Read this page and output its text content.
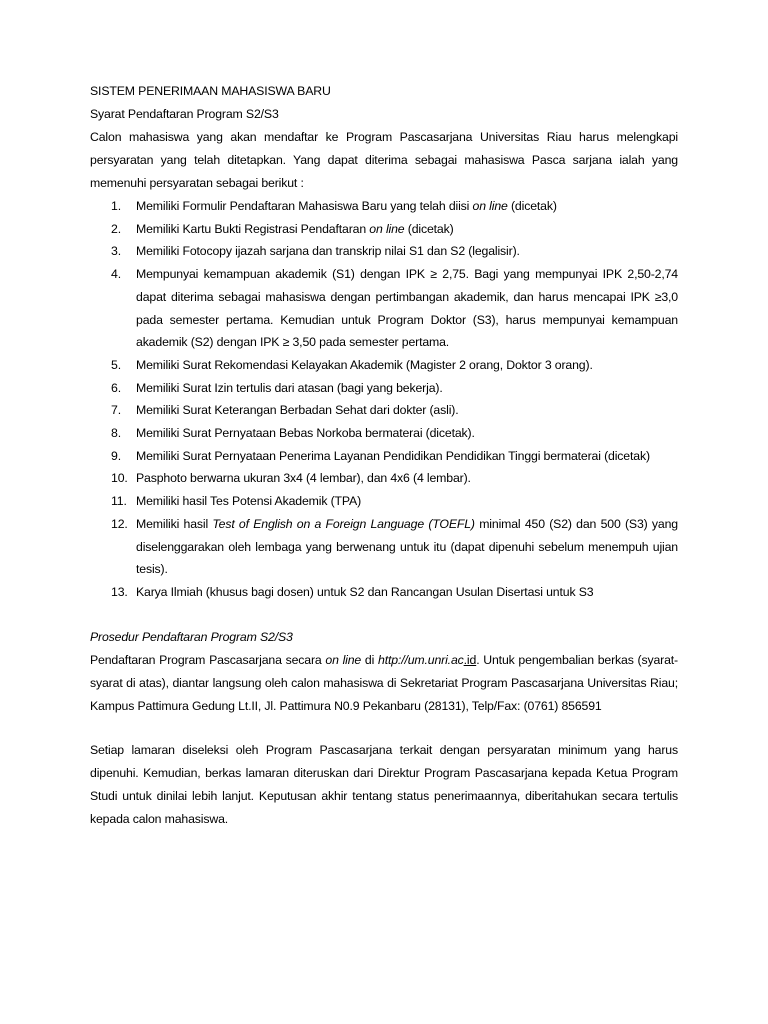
SISTEM PENERIMAAN MAHASISWA BARU
Syarat Pendaftaran Program S2/S3
Calon mahasiswa yang akan mendaftar ke Program Pascasarjana Universitas Riau harus melengkapi persyaratan yang telah ditetapkan. Yang dapat diterima sebagai mahasiswa Pasca sarjana ialah yang memenuhi persyaratan sebagai berikut :
1.	Memiliki Formulir Pendaftaran Mahasiswa Baru yang telah diisi on line (dicetak)
2.	Memiliki Kartu Bukti Registrasi Pendaftaran on line (dicetak)
3.	Memiliki Fotocopy ijazah sarjana dan transkrip nilai S1 dan S2 (legalisir).
4.	Mempunyai kemampuan akademik (S1) dengan IPK ≥ 2,75. Bagi yang mempunyai IPK 2,50-2,74 dapat diterima sebagai mahasiswa dengan pertimbangan akademik, dan harus mencapai IPK ≥3,0 pada semester pertama. Kemudian untuk Program Doktor (S3), harus mempunyai kemampuan akademik (S2) dengan IPK ≥ 3,50 pada semester pertama.
5.	Memiliki Surat Rekomendasi Kelayakan Akademik (Magister 2 orang, Doktor 3 orang).
6.	Memiliki Surat Izin tertulis dari atasan (bagi yang bekerja).
7.	Memiliki Surat Keterangan Berbadan Sehat dari dokter (asli).
8.	Memiliki Surat Pernyataan Bebas Norkoba bermaterai (dicetak).
9.	Memiliki Surat Pernyataan Penerima Layanan Pendidikan Pendidikan Tinggi bermaterai (dicetak)
10. Pasphoto berwarna ukuran 3x4 (4 lembar), dan 4x6 (4 lembar).
11. Memiliki hasil Tes Potensi Akademik (TPA)
12. Memiliki hasil Test of English on a Foreign Language (TOEFL) minimal 450 (S2) dan 500 (S3) yang diselenggarakan oleh lembaga yang berwenang untuk itu (dapat dipenuhi sebelum menempuh ujian tesis).
13. Karya Ilmiah (khusus bagi dosen) untuk S2 dan Rancangan Usulan Disertasi untuk S3
Prosedur Pendaftaran Program S2/S3
Pendaftaran Program Pascasarjana secara on line di http://um.unri.ac.id. Untuk pengembalian berkas (syarat-syarat di atas), diantar langsung oleh calon mahasiswa di Sekretariat Program Pascasarjana Universitas Riau; Kampus Pattimura Gedung Lt.II, Jl. Pattimura N0.9 Pekanbaru (28131), Telp/Fax: (0761) 856591
Setiap lamaran diseleksi oleh Program Pascasarjana terkait dengan persyaratan minimum yang harus dipenuhi. Kemudian, berkas lamaran diteruskan dari Direktur Program Pascasarjana kepada Ketua Program Studi untuk dinilai lebih lanjut. Keputusan akhir tentang status penerimaannya, diberitahukan secara tertulis kepada calon mahasiswa.
